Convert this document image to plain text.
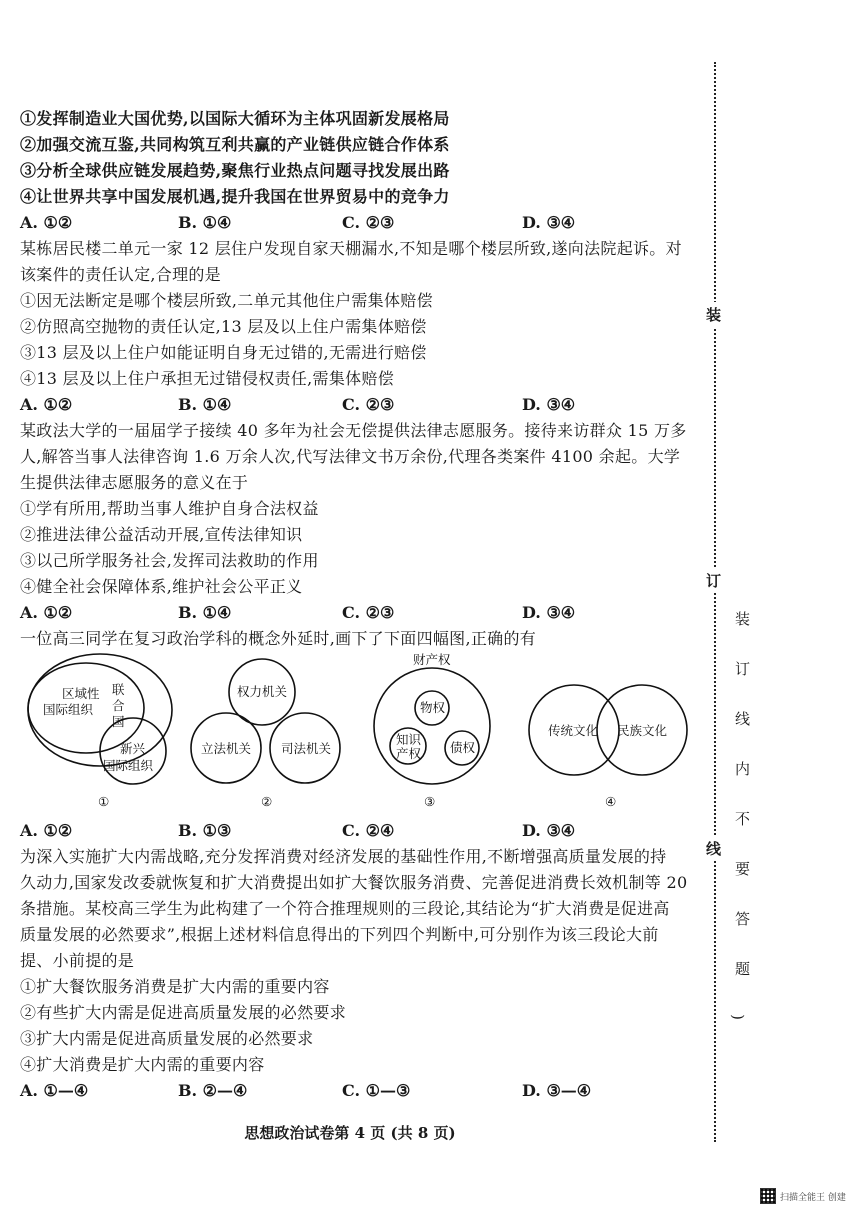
装
订
线
装
订
线
内
不
要
答
题
)
①发挥制造业大国优势,以国际大循环为主体巩固新发展格局
②加强交流互鉴,共同构筑互利共赢的产业链供应链合作体系
③分析全球供应链发展趋势,聚焦行业热点问题寻找发展出路
④让世界共享中国发展机遇,提升我国在世界贸易中的竞争力
A. ①②	B. ①④	C. ②③	D. ③④
某栋居民楼二单元一家 12 层住户发现自家天棚漏水,不知是哪个楼层所致,遂向法院起诉。对
该案件的责任认定,合理的是
①因无法断定是哪个楼层所致,二单元其他住户需集体赔偿
②仿照高空抛物的责任认定,13 层及以上住户需集体赔偿
③13 层及以上住户如能证明自身无过错的,无需进行赔偿
④13 层及以上住户承担无过错侵权责任,需集体赔偿
A. ①②	B. ①④	C. ②③	D. ③④
某政法大学的一届届学子接续 40 多年为社会无偿提供法律志愿服务。接待来访群众 15 万多
人,解答当事人法律咨询 1.6 万余人次,代写法律文书万余份,代理各类案件 4100 余起。大学
生提供法律志愿服务的意义在于
①学有所用,帮助当事人维护自身合法权益
②推进法律公益活动开展,宣传法律知识
③以己所学服务社会,发挥司法救助的作用
④健全社会保障体系,维护社会公平正义
A. ①②	B. ①④	C. ②③	D. ③④
一位高三同学在复习政治学科的概念外延时,画下了下面四幅图,正确的有
区域性
国际组织
联
合
国
新兴
国际组织
①
权力机关
立法机关 司法机关
②
财产权
物权
知识
产权 债权
③
传统文化 民族文化
④
A. ①②	B. ①③	C. ②④	D. ③④
为深入实施扩大内需战略,充分发挥消费对经济发展的基础性作用,不断增强高质量发展的持
久动力,国家发改委就恢复和扩大消费提出如扩大餐饮服务消费、完善促进消费长效机制等 20
条措施。某校高三学生为此构建了一个符合推理规则的三段论,其结论为“扩大消费是促进高
质量发展的必然要求”,根据上述材料信息得出的下列四个判断中,可分别作为该三段论大前
提、小前提的是
①扩大餐饮服务消费是扩大内需的重要内容
②有些扩大内需是促进高质量发展的必然要求
③扩大内需是促进高质量发展的必然要求
④扩大消费是扩大内需的重要内容
A. ①—④	B. ②—④	C. ①—③	D. ③—④
思想政治试卷第 4 页 (共 8 页)
扫描全能王 创建
